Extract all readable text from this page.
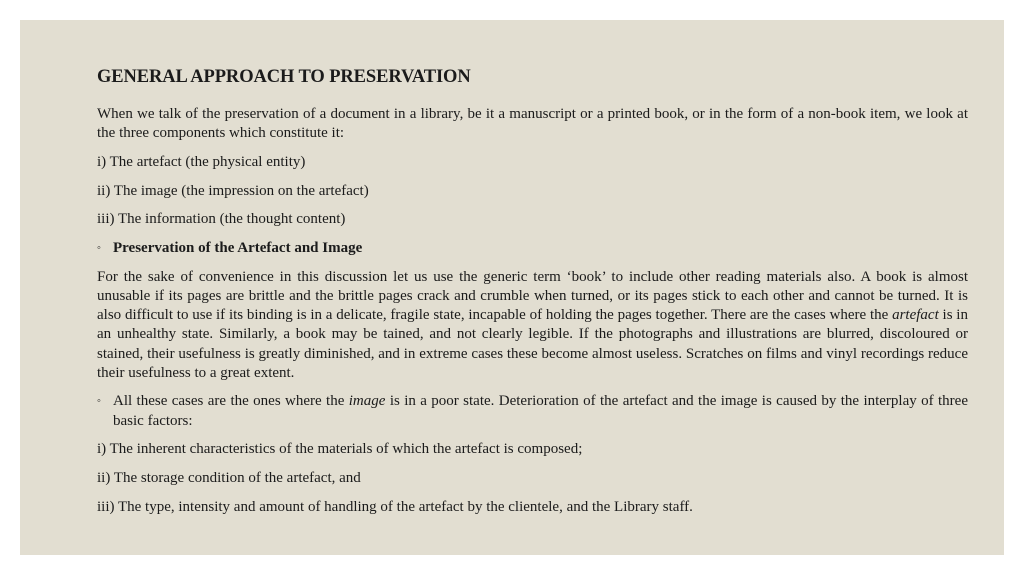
GENERAL APPROACH TO PRESERVATION

When we talk of the preservation of a document in a library, be it a manuscript or a printed book, or in the form of a non-book item, we look at the three components which constitute it:

i) The artefact (the physical entity)

ii) The image (the impression on the artefact)

iii) The information (the thought content)

◦ Preservation of the Artefact and Image

For the sake of convenience in this discussion let us use the generic term ‘book’ to include other reading materials also. A book is almost unusable if its pages are brittle and the brittle pages crack and crumble when turned, or its pages stick to each other and cannot be turned. It is also difficult to use if its binding is in a delicate, fragile state, incapable of holding the pages together. There are the cases where the artefact is in an unhealthy state. Similarly, a book may be tained, and not clearly legible. If the photographs and illustrations are blurred, discoloured or stained, their usefulness is greatly diminished, and in extreme cases these become almost useless. Scratches on films and vinyl recordings reduce their usefulness to a great extent.

◦ All these cases are the ones where the image is in a poor state. Deterioration of the artefact and the image is caused by the interplay of three basic factors:

i) The inherent characteristics of the materials of which the artefact is composed;

ii) The storage condition of the artefact, and

iii) The type, intensity and amount of handling of the artefact by the clientele, and the Library staff.
